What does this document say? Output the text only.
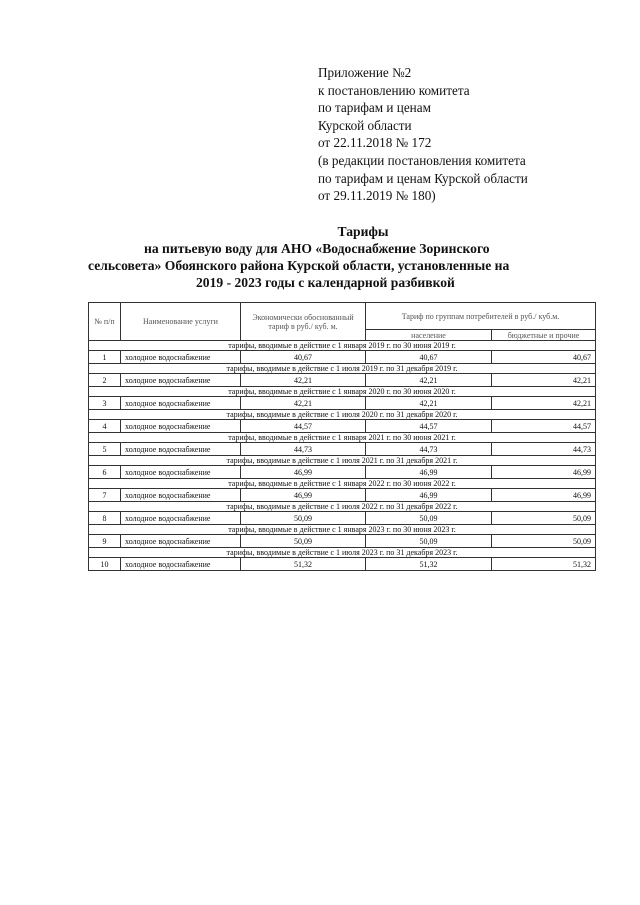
Приложение №2
к постановлению комитета
по тарифам и ценам
Курской области
от 22.11.2018 № 172
(в редакции постановления комитета
по тарифам и ценам Курской области
от 29.11.2019 № 180)
Тарифы
на питьевую воду для АНО «Водоснабжение Зоринского
сельсовета» Обоянского района Курской области, установленные на
2019 - 2023 годы с календарной разбивкой
№ п/п	Наименование услуги	Экономически обоснованный тариф в руб./ куб. м.	Тариф по группам потребителей в руб./ куб.м.	
			население	бюджетные и прочие
тарифы, вводимые в действие с 1 января 2019 г. по 30 июня 2019 г.				
1	холодное водоснабжение	40,67	40,67	40,67
тарифы, вводимые в действие с 1 июля 2019 г. по 31 декабря 2019 г.				
2	холодное водоснабжение	42,21	42,21	42,21
тарифы, вводимые в действие с 1 января 2020 г. по 30 июня 2020 г.				
3	холодное водоснабжение	42,21	42,21	42,21
тарифы, вводимые в действие с 1 июля 2020 г. по 31 декабря 2020 г.				
4	холодное водоснабжение	44,57	44,57	44,57
тарифы, вводимые в действие с 1 января 2021 г. по 30 июня 2021 г.				
5	холодное водоснабжение	44,73	44,73	44,73
тарифы, вводимые в действие с 1 июля 2021 г. по 31 декабря 2021 г.				
6	холодное водоснабжение	46,99	46,99	46,99
тарифы, вводимые в действие с 1 января 2022 г. по 30 июня 2022 г.				
7	холодное водоснабжение	46,99	46,99	46,99
тарифы, вводимые в действие с 1 июля 2022 г. по 31 декабря 2022 г.				
8	холодное водоснабжение	50,09	50,09	50,09
тарифы, вводимые в действие с 1 января 2023 г. по 30 июня 2023 г.				
9	холодное водоснабжение	50,09	50,09	50,09
тарифы, вводимые в действие с 1 июля 2023 г. по 31 декабря 2023 г.				
10	холодное водоснабжение	51,32	51,32	51,32
